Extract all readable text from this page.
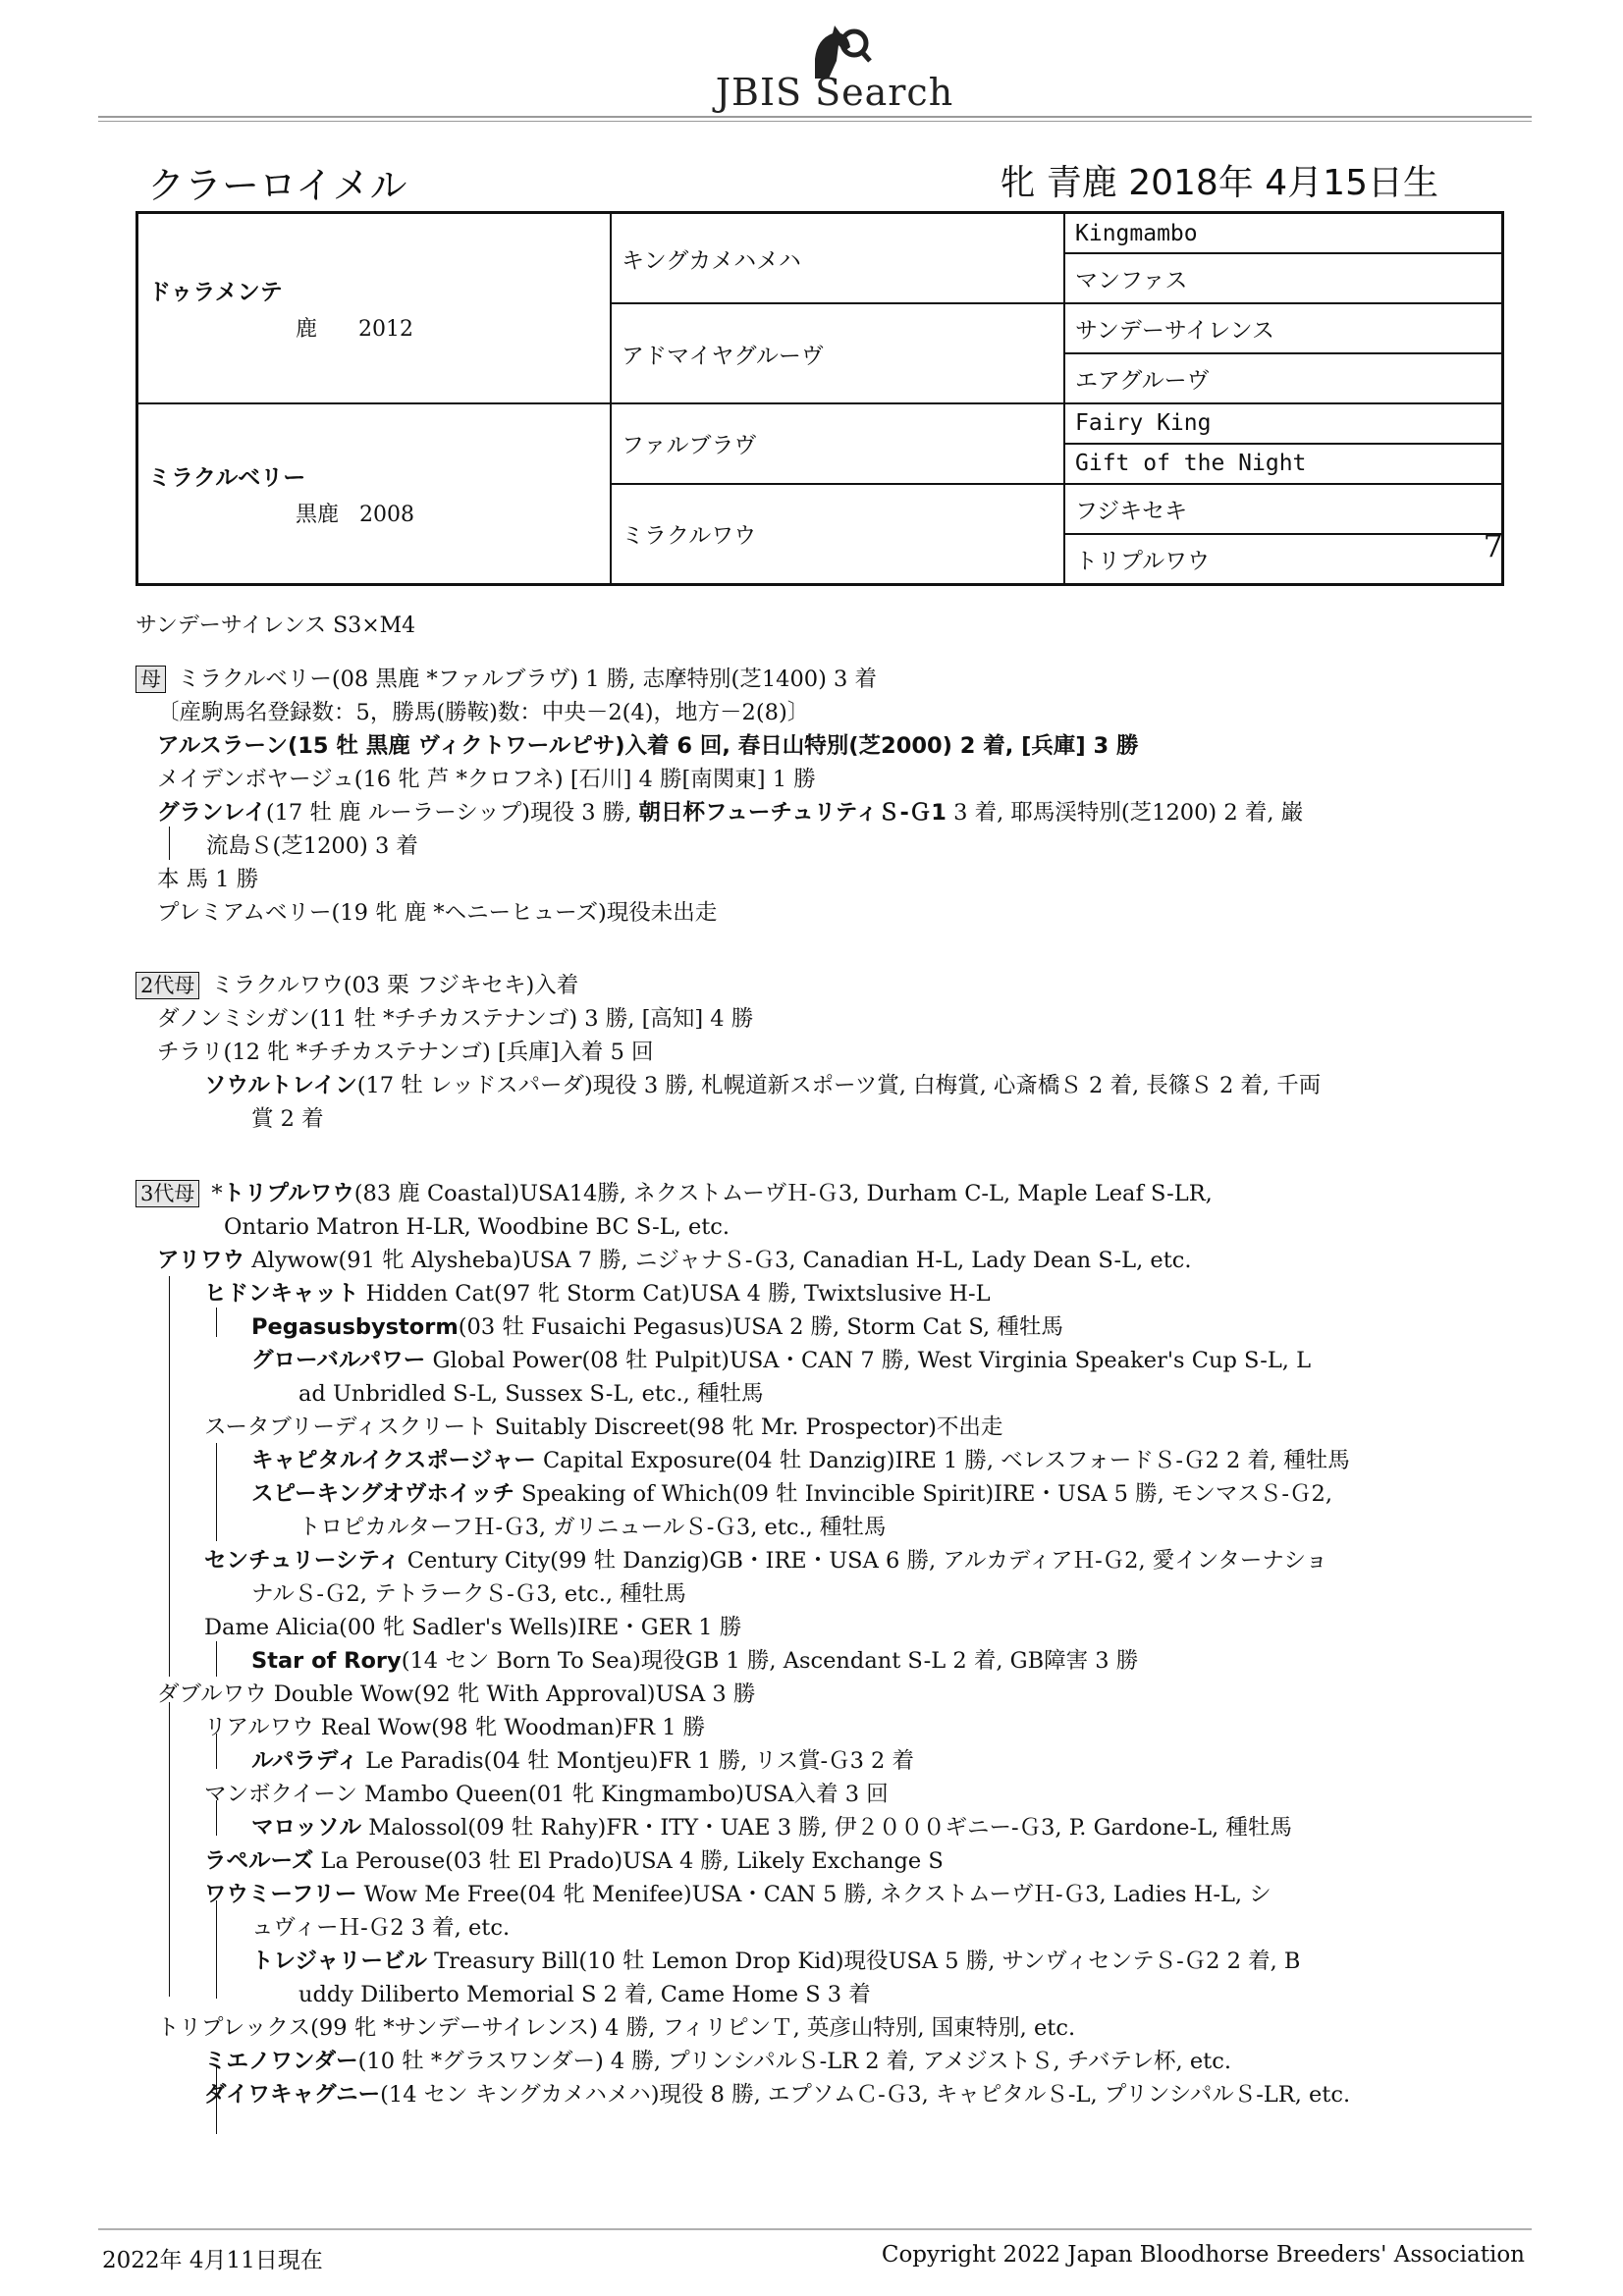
JBIS Search
クラーロイメル	牝 青鹿 2018年 4月15日生
ドゥラメンテ
鹿 2012	キングカメハメハ	Kingmambo
		マンファス
	アドマイヤグルーヴ	サンデーサイレンス
		エアグルーヴ

ミラクルベリー
黒鹿 2008	ファルブラヴ	Fairy King
		Gift of the Night
	ミラクルワウ	フジキセキ
		トリプルワウ 7
サンデーサイレンス S3×M4
母 ミラクルベリー(08 黒鹿 *ファルブラヴ) 1 勝, 志摩特別(芝1400) 3 着
〔産駒馬名登録数：5，勝馬(勝鞍)数：中央－2(4)，地方－2(8)〕
アルスラーン(15 牡 黒鹿 ヴィクトワールピサ)入着 6 回, 春日山特別(芝2000) 2 着, [兵庫] 3 勝
メイデンボヤージュ(16 牝 芦 *クロフネ) [石川] 4 勝[南関東] 1 勝
グランレイ(17 牡 鹿 ルーラーシップ)現役 3 勝, 朝日杯フューチュリティＳ-Ｇ1 3 着, 耶馬渓特別(芝1200) 2 着, 巌
流島Ｓ(芝1200) 3 着
本 馬 1 勝
プレミアムベリー(19 牝 鹿 *ヘニーヒューズ)現役未出走
2代母 ミラクルワウ(03 栗 フジキセキ)入着
ダノンミシガン(11 牡 *チチカステナンゴ) 3 勝, [高知] 4 勝
チラリ(12 牝 *チチカステナンゴ) [兵庫]入着 5 回
ソウルトレイン(17 牡 レッドスパーダ)現役 3 勝, 札幌道新スポーツ賞, 白梅賞, 心斎橋Ｓ 2 着, 長篠Ｓ 2 着, 千両
賞 2 着
3代母 *トリプルワウ(83 鹿 Coastal)USA14勝, ネクストムーヴＨ-Ｇ3, Durham C-L, Maple Leaf S-LR,
Ontario Matron H-LR, Woodbine BC S-L, etc.
アリワウ Alywow(91 牝 Alysheba)USA 7 勝, ニジャナＳ-Ｇ3, Canadian H-L, Lady Dean S-L, etc.
ヒドンキャット Hidden Cat(97 牝 Storm Cat)USA 4 勝, Twixtslusive H-L
Pegasusbystorm(03 牡 Fusaichi Pegasus)USA 2 勝, Storm Cat S, 種牡馬
グローバルパワー Global Power(08 牡 Pulpit)USA・CAN 7 勝, West Virginia Speaker's Cup S-L, L
ad Unbridled S-L, Sussex S-L, etc., 種牡馬
スータブリーディスクリート Suitably Discreet(98 牝 Mr. Prospector)不出走
キャピタルイクスポージャー Capital Exposure(04 牡 Danzig)IRE 1 勝, ベレスフォードＳ-Ｇ2 2 着, 種牡馬
スピーキングオヴホイッチ Speaking of Which(09 牡 Invincible Spirit)IRE・USA 5 勝, モンマスＳ-Ｇ2,
トロピカルターフＨ-Ｇ3, ガリニュールＳ-Ｇ3, etc., 種牡馬
センチュリーシティ Century City(99 牡 Danzig)GB・IRE・USA 6 勝, アルカディアＨ-Ｇ2, 愛インターナショ
ナルＳ-Ｇ2, テトラークＳ-Ｇ3, etc., 種牡馬
Dame Alicia(00 牝 Sadler's Wells)IRE・GER 1 勝
Star of Rory(14 セン Born To Sea)現役GB 1 勝, Ascendant S-L 2 着, GB障害 3 勝
ダブルワウ Double Wow(92 牝 With Approval)USA 3 勝
リアルワウ Real Wow(98 牝 Woodman)FR 1 勝
ルパラディ Le Paradis(04 牡 Montjeu)FR 1 勝, リス賞-Ｇ3 2 着
マンボクイーン Mambo Queen(01 牝 Kingmambo)USA入着 3 回
マロッソル Malossol(09 牡 Rahy)FR・ITY・UAE 3 勝, 伊２０００ギニー-Ｇ3, P. Gardone-L, 種牡馬
ラペルーズ La Perouse(03 牡 El Prado)USA 4 勝, Likely Exchange S
ワウミーフリー Wow Me Free(04 牝 Menifee)USA・CAN 5 勝, ネクストムーヴＨ-Ｇ3, Ladies H-L, シ
ュヴィーＨ-Ｇ2 3 着, etc.
トレジャリービル Treasury Bill(10 牡 Lemon Drop Kid)現役USA 5 勝, サンヴィセンテＳ-Ｇ2 2 着, B
uddy Diliberto Memorial S 2 着, Came Home S 3 着
トリプレックス(99 牝 *サンデーサイレンス) 4 勝, フィリピンＴ, 英彦山特別, 国東特別, etc.
ミエノワンダー(10 牡 *グラスワンダー) 4 勝, プリンシパルＳ-LR 2 着, アメジストＳ, チバテレ杯, etc.
ダイワキャグニー(14 セン キングカメハメハ)現役 8 勝, エプソムＣ-Ｇ3, キャピタルＳ-L, プリンシパルＳ-LR, etc.
2022年 4月11日現在	Copyright 2022 Japan Bloodhorse Breeders' Association
